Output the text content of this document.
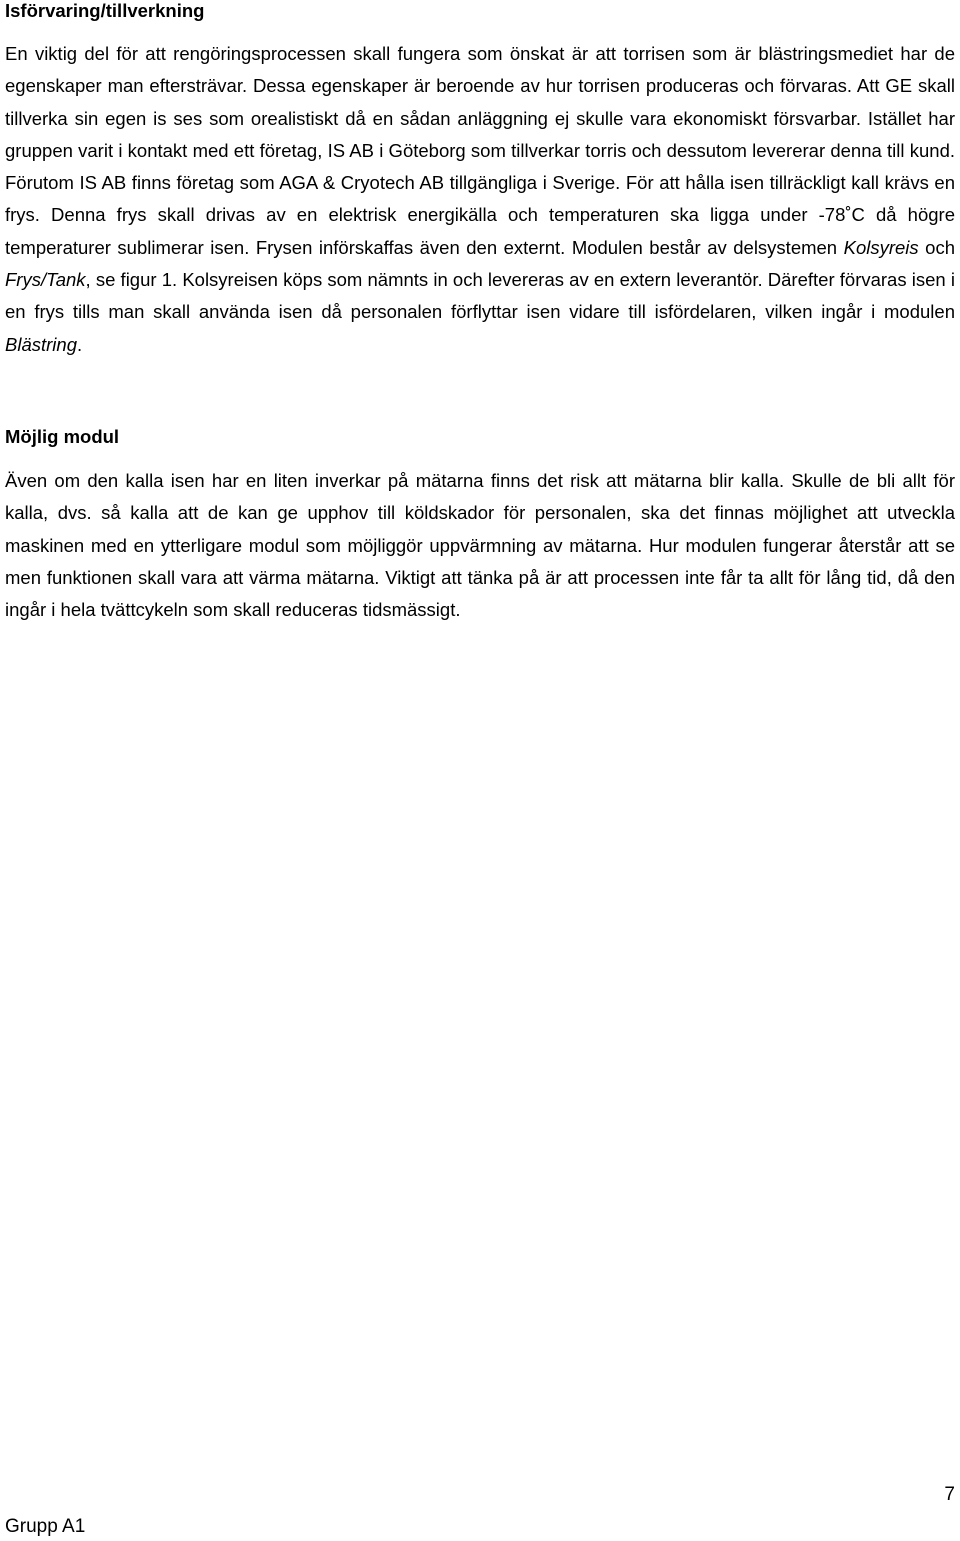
Isförvaring/tillverkning

En viktig del för att rengöringsprocessen skall fungera som önskat är att torrisen som är blästringsmediet har de egenskaper man eftersträvar. Dessa egenskaper är beroende av hur torrisen produceras och förvaras. Att GE skall tillverka sin egen is ses som orealistiskt då en sådan anläggning ej skulle vara ekonomiskt försvarbar. Istället har gruppen varit i kontakt med ett företag, IS AB i Göteborg som tillverkar torris och dessutom levererar denna till kund. Förutom IS AB finns företag som AGA & Cryotech AB tillgängliga i Sverige. För att hålla isen tillräckligt kall krävs en frys. Denna frys skall drivas av en elektrisk energikälla och temperaturen ska ligga under -78˚C då högre temperaturer sublimerar isen. Frysen införskaffas även den externt. Modulen består av delsystemen Kolsyreis och Frys/Tank, se figur 1. Kolsyreisen köps som nämnts in och levereras av en extern leverantör. Därefter förvaras isen i en frys tills man skall använda isen då personalen förflyttar isen vidare till isfördelaren, vilken ingår i modulen Blästring.

Möjlig modul

Även om den kalla isen har en liten inverkar på mätarna finns det risk att mätarna blir kalla. Skulle de bli allt för kalla, dvs. så kalla att de kan ge upphov till köldskador för personalen, ska det finnas möjlighet att utveckla maskinen med en ytterligare modul som möjliggör uppvärmning av mätarna. Hur modulen fungerar återstår att se men funktionen skall vara att värma mätarna. Viktigt att tänka på är att processen inte får ta allt för lång tid, då den ingår i hela tvättcykeln som skall reduceras tidsmässigt.

Grupp A1
7
